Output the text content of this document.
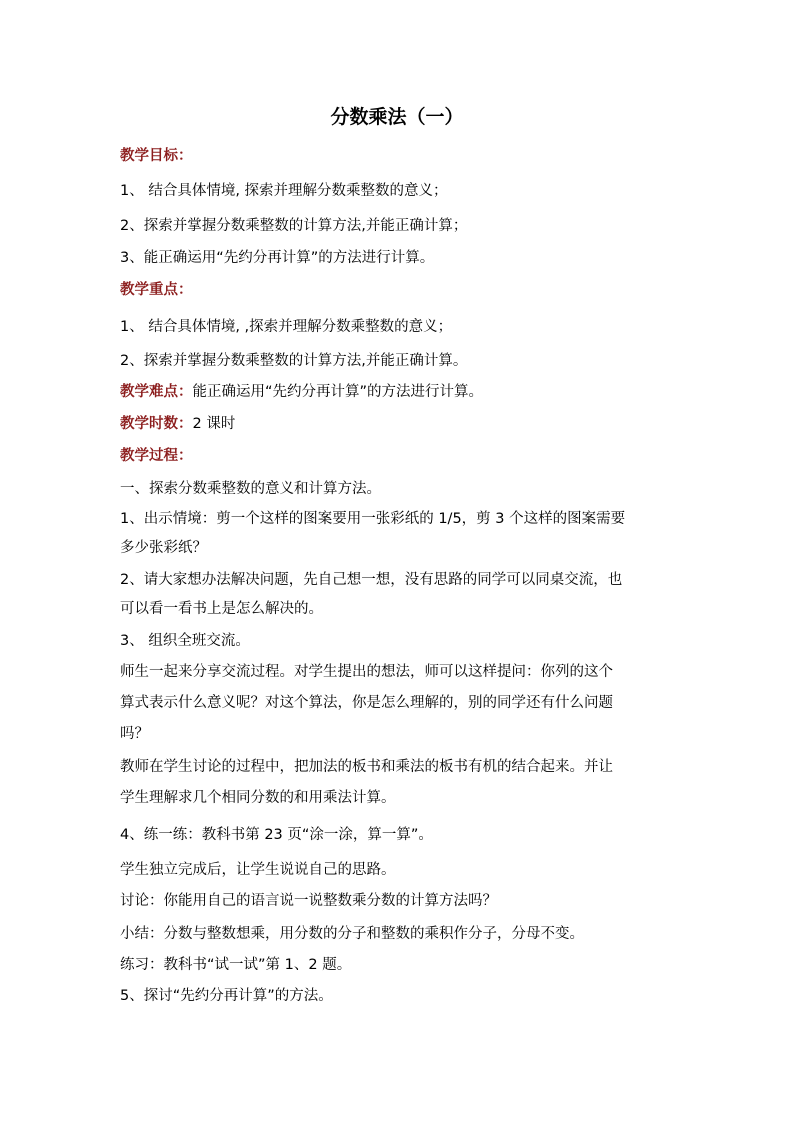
分数乘法（一）
教学目标：
1、 结合具体情境, 探索并理解分数乘整数的意义；
2、探索并掌握分数乘整数的计算方法,并能正确计算；
3、能正确运用“先约分再计算”的方法进行计算。
教学重点：
1、 结合具体情境, ,探索并理解分数乘整数的意义；
2、探索并掌握分数乘整数的计算方法,并能正确计算。
教学难点：能正确运用“先约分再计算”的方法进行计算。
教学时数：2 课时
教学过程：
一、探索分数乘整数的意义和计算方法。
1、出示情境：剪一个这样的图案要用一张彩纸的 1/5，剪 3 个这样的图案需要
多少张彩纸？
2、请大家想办法解决问题，先自己想一想，没有思路的同学可以同桌交流，也
可以看一看书上是怎么解决的。
3、 组织全班交流。
师生一起来分享交流过程。对学生提出的想法，师可以这样提问：你列的这个
算式表示什么意义呢？对这个算法，你是怎么理解的，别的同学还有什么问题
吗？
教师在学生讨论的过程中，把加法的板书和乘法的板书有机的结合起来。并让
学生理解求几个相同分数的和用乘法计算。
4、练一练：教科书第 23 页“涂一涂，算一算”。
学生独立完成后，让学生说说自己的思路。
讨论：你能用自己的语言说一说整数乘分数的计算方法吗？
小结：分数与整数想乘，用分数的分子和整数的乘积作分子，分母不变。
练习：教科书“试一试”第 1、2 题。
5、探讨“先约分再计算”的方法。
